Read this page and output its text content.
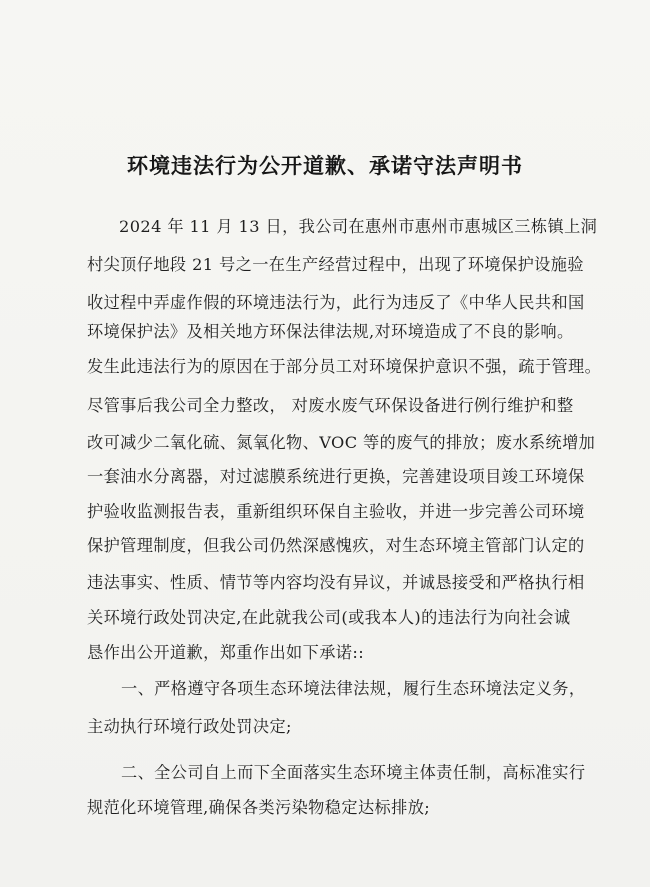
环境违法行为公开道歉、承诺守法声明书
2024 年 11 月 13 日，我公司在惠州市惠州市惠城区三栋镇上洞
村尖顶仔地段 21 号之一在生产经营过程中，出现了环境保护设施验
收过程中弄虚作假的环境违法行为，此行为违反了《中华人民共和国
环境保护法》及相关地方环保法律法规,对环境造成了不良的影响。
发生此违法行为的原因在于部分员工对环境保护意识不强，疏于管理。
尽管事后我公司全力整改， 对废水废气环保设备进行例行维护和整
改可减少二氧化硫、氮氧化物、VOC 等的废气的排放；废水系统增加
一套油水分离器，对过滤膜系统进行更换，完善建设项目竣工环境保
护验收监测报告表，重新组织环保自主验收，并进一步完善公司环境
保护管理制度，但我公司仍然深感愧疚，对生态环境主管部门认定的
违法事实、性质、情节等内容均没有异议，并诚恳接受和严格执行相
关环境行政处罚决定,在此就我公司(或我本人)的违法行为向社会诚
恳作出公开道歉，郑重作出如下承诺::
一、严格遵守各项生态环境法律法规，履行生态环境法定义务，
主动执行环境行政处罚决定;
二、全公司自上而下全面落实生态环境主体责任制，高标准实行
规范化环境管理,确保各类污染物稳定达标排放;
